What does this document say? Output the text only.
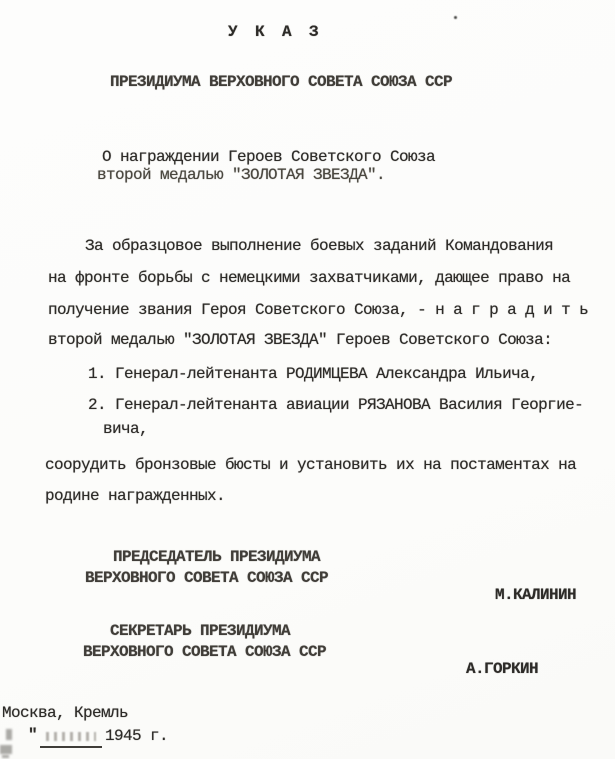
У К А З
ПРЕЗИДИУМА ВЕРХОВНОГО СОВЕТА СОЮЗА ССР
О награждении Героев Советского Союза
второй медалью "ЗОЛОТАЯ ЗВЕЗДА".
За образцовое выполнение боевых заданий Командования
на фронте борьбы с немецкими захватчиками, дающее право на
получение звания Героя Советского Союза, - н а г р а д и т ь
второй медалью "ЗОЛОТАЯ ЗВЕЗДА" Героев Советского Союза:
1. Генерал-лейтенанта РОДИМЦЕВА Александра Ильича,
2. Генерал-лейтенанта авиации РЯЗАНОВА Василия Георгие-
вича,
соорудить бронзовые бюсты и установить их на постаментах на
родине награжденных.
ПРЕДСЕДАТЕЛЬ ПРЕЗИДИУМА
ВЕРХОВНОГО СОВЕТА СОЮЗА ССР
М.КАЛИНИН
СЕКРЕТАРЬ ПРЕЗИДИУМА
ВЕРХОВНОГО СОВЕТА СОЮЗА ССР
А.ГОРКИН
Москва, Кремль
"	1945 г.
